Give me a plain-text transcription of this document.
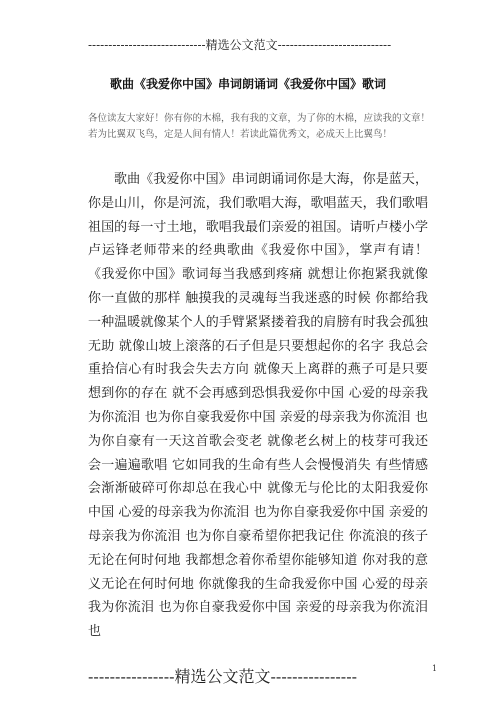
-----------------------------精选公文范文----------------------------
歌曲《我爱你中国》串词朗诵词《我爱你中国》歌词
各位读友大家好！你有你的木棉，我有我的文章，为了你的木棉，应读我的文章！若为比翼双飞鸟，定是人间有情人！若读此篇优秀文，必成天上比翼鸟！
歌曲《我爱你中国》串词朗诵词你是大海，你是蓝天，你是山川，你是河流，我们歌唱大海，歌唱蓝天，我们歌唱祖国的每一寸土地，歌唱我最们亲爱的祖国。请听卢楼小学卢运锋老师带来的经典歌曲《我爱你中国》，掌声有请！《我爱你中国》歌词每当我感到疼痛 就想让你抱紧我就像你一直做的那样 触摸我的灵魂每当我迷惑的时候 你都给我一种温暖就像某个人的手臂紧紧搂着我的肩膀有时我会孤独无助 就像山坡上滚落的石子但是只要想起你的名字 我总会重拾信心有时我会失去方向 就像天上离群的燕子可是只要想到你的存在 就不会再感到恐惧我爱你中国 心爱的母亲我为你流泪 也为你自豪我爱你中国 亲爱的母亲我为你流泪 也为你自豪有一天这首歌会变老 就像老幺树上的枝芽可我还会一遍遍歌唱 它如同我的生命有些人会慢慢消失 有些情感会渐渐破碎可你却总在我心中 就像无与伦比的太阳我爱你中国 心爱的母亲我为你流泪 也为你自豪我爱你中国 亲爱的母亲我为你流泪 也为你自豪希望你把我记住 你流浪的孩子无论在何时何地 我都想念着你希望你能够知道 你对我的意义无论在何时何地 你就像我的生命我爱你中国 心爱的母亲我为你流泪 也为你自豪我爱你中国 亲爱的母亲我为你流泪 也
1
----------------精选公文范文----------------
